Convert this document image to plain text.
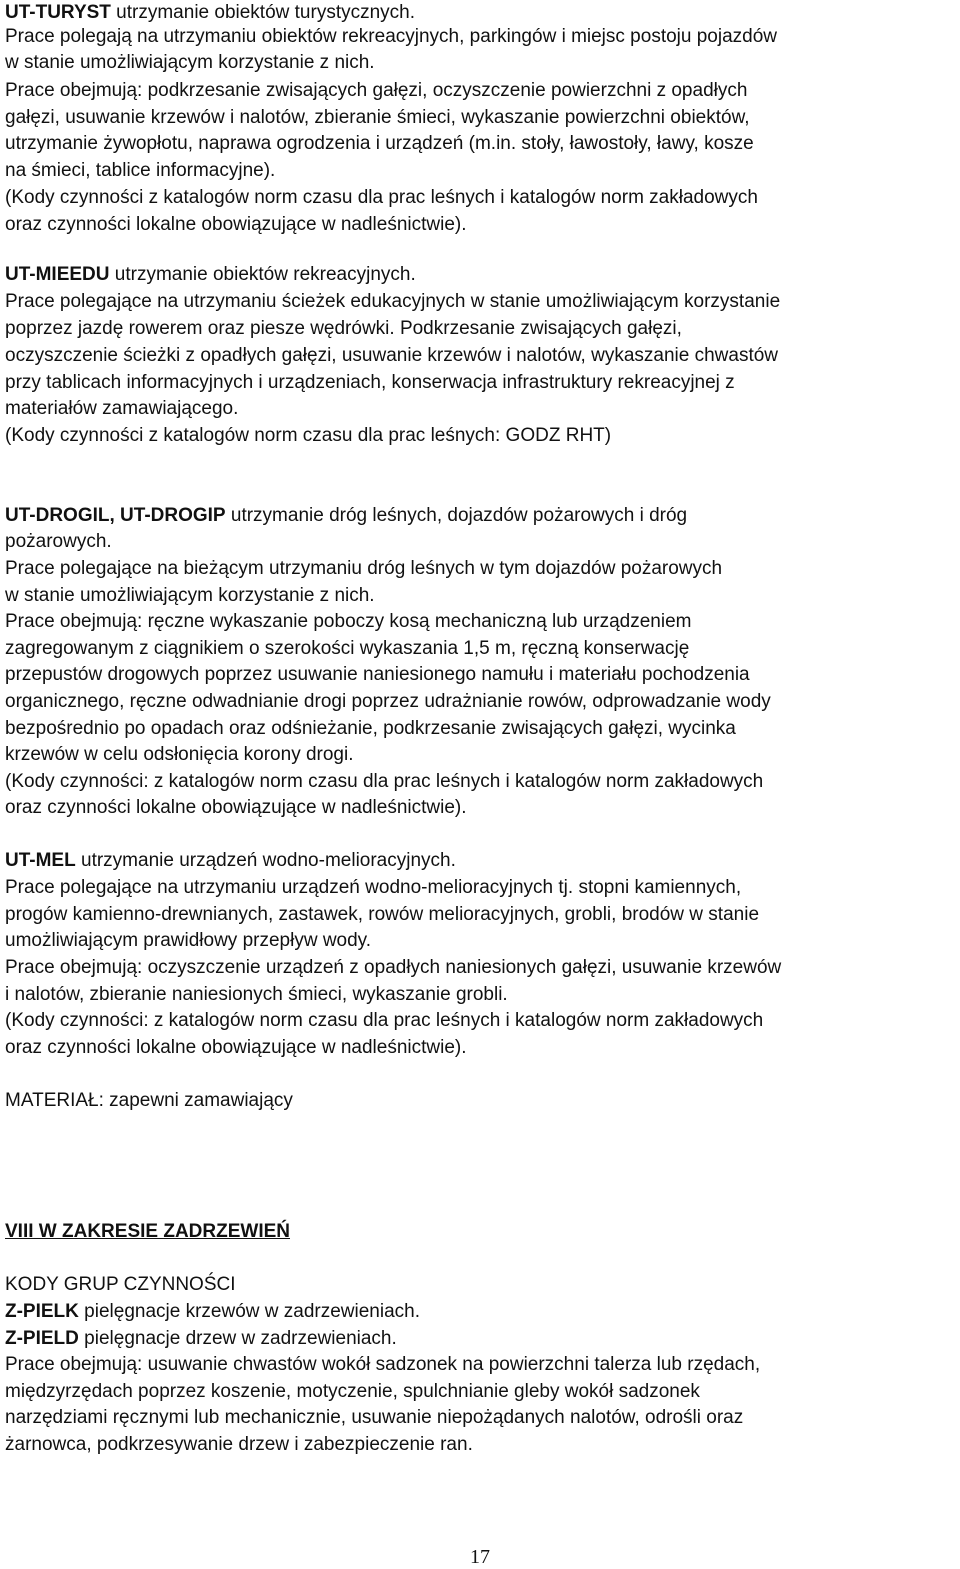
UT-TURYST utrzymanie obiektów turystycznych.
Prace polegają na utrzymaniu obiektów rekreacyjnych, parkingów i miejsc postoju pojazdów
w stanie umożliwiającym korzystanie z nich.
Prace obejmują: podkrzesanie zwisających gałęzi, oczyszczenie powierzchni z opadłych
gałęzi, usuwanie krzewów i nalotów, zbieranie śmieci, wykaszanie powierzchni obiektów,
utrzymanie żywopłotu, naprawa ogrodzenia i urządzeń (m.in. stoły, ławostoły, ławy, kosze
na śmieci, tablice informacyjne).
(Kody czynności z katalogów norm czasu dla prac leśnych i katalogów norm zakładowych
oraz czynności lokalne obowiązujące w nadleśnictwie).
UT-MIEEDU utrzymanie obiektów rekreacyjnych.
Prace polegające na utrzymaniu ścieżek edukacyjnych w stanie umożliwiającym korzystanie
poprzez jazdę rowerem oraz piesze wędrówki. Podkrzesanie zwisających gałęzi,
oczyszczenie ścieżki z opadłych gałęzi, usuwanie krzewów i nalotów, wykaszanie chwastów
przy tablicach informacyjnych i urządzeniach, konserwacja infrastruktury rekreacyjnej z
materiałów zamawiającego.
(Kody czynności z katalogów norm czasu dla prac leśnych: GODZ RHT)
UT-DROGIL, UT-DROGIP utrzymanie dróg leśnych, dojazdów pożarowych i dróg
pożarowych.
Prace polegające na bieżącym utrzymaniu dróg leśnych w tym dojazdów pożarowych
w stanie umożliwiającym korzystanie z nich.
Prace obejmują: ręczne wykaszanie poboczy kosą mechaniczną lub urządzeniem
zagregowanym z ciągnikiem o szerokości wykaszania 1,5 m, ręczną konserwację
przepustów drogowych poprzez usuwanie naniesionego namułu i materiału pochodzenia
organicznego, ręczne odwadnianie drogi poprzez udrażnianie rowów, odprowadzanie wody
bezpośrednio po opadach oraz odśnieżanie, podkrzesanie zwisających gałęzi, wycinka
krzewów w celu odsłonięcia korony drogi.
(Kody czynności: z katalogów norm czasu dla prac leśnych i katalogów norm zakładowych
oraz czynności lokalne obowiązujące w nadleśnictwie).
UT-MEL utrzymanie urządzeń wodno-melioracyjnych.
Prace polegające na utrzymaniu urządzeń wodno-melioracyjnych tj. stopni kamiennych,
progów kamienno-drewnianych, zastawek, rowów melioracyjnych, grobli, brodów w stanie
umożliwiającym prawidłowy przepływ wody.
Prace obejmują: oczyszczenie urządzeń z opadłych naniesionych gałęzi, usuwanie krzewów
i nalotów, zbieranie naniesionych śmieci, wykaszanie grobli.
(Kody czynności: z katalogów norm czasu dla prac leśnych i katalogów norm zakładowych
oraz czynności lokalne obowiązujące w nadleśnictwie).
MATERIAŁ: zapewni zamawiający
VIII W ZAKRESIE ZADRZEWIEŃ
KODY GRUP CZYNNOŚCI
Z-PIELK pielęgnacje krzewów w zadrzewieniach.
Z-PIELD pielęgnacje drzew w zadrzewieniach.
Prace obejmują: usuwanie chwastów wokół sadzonek na powierzchni talerza lub rzędach,
międzyrzędach poprzez koszenie, motyczenie, spulchnianie gleby wokół sadzonek
narzędziami ręcznymi lub mechanicznie, usuwanie niepożądanych nalotów, odrośli oraz
żarnowca, podkrzesywanie drzew i zabezpieczenie ran.
17
